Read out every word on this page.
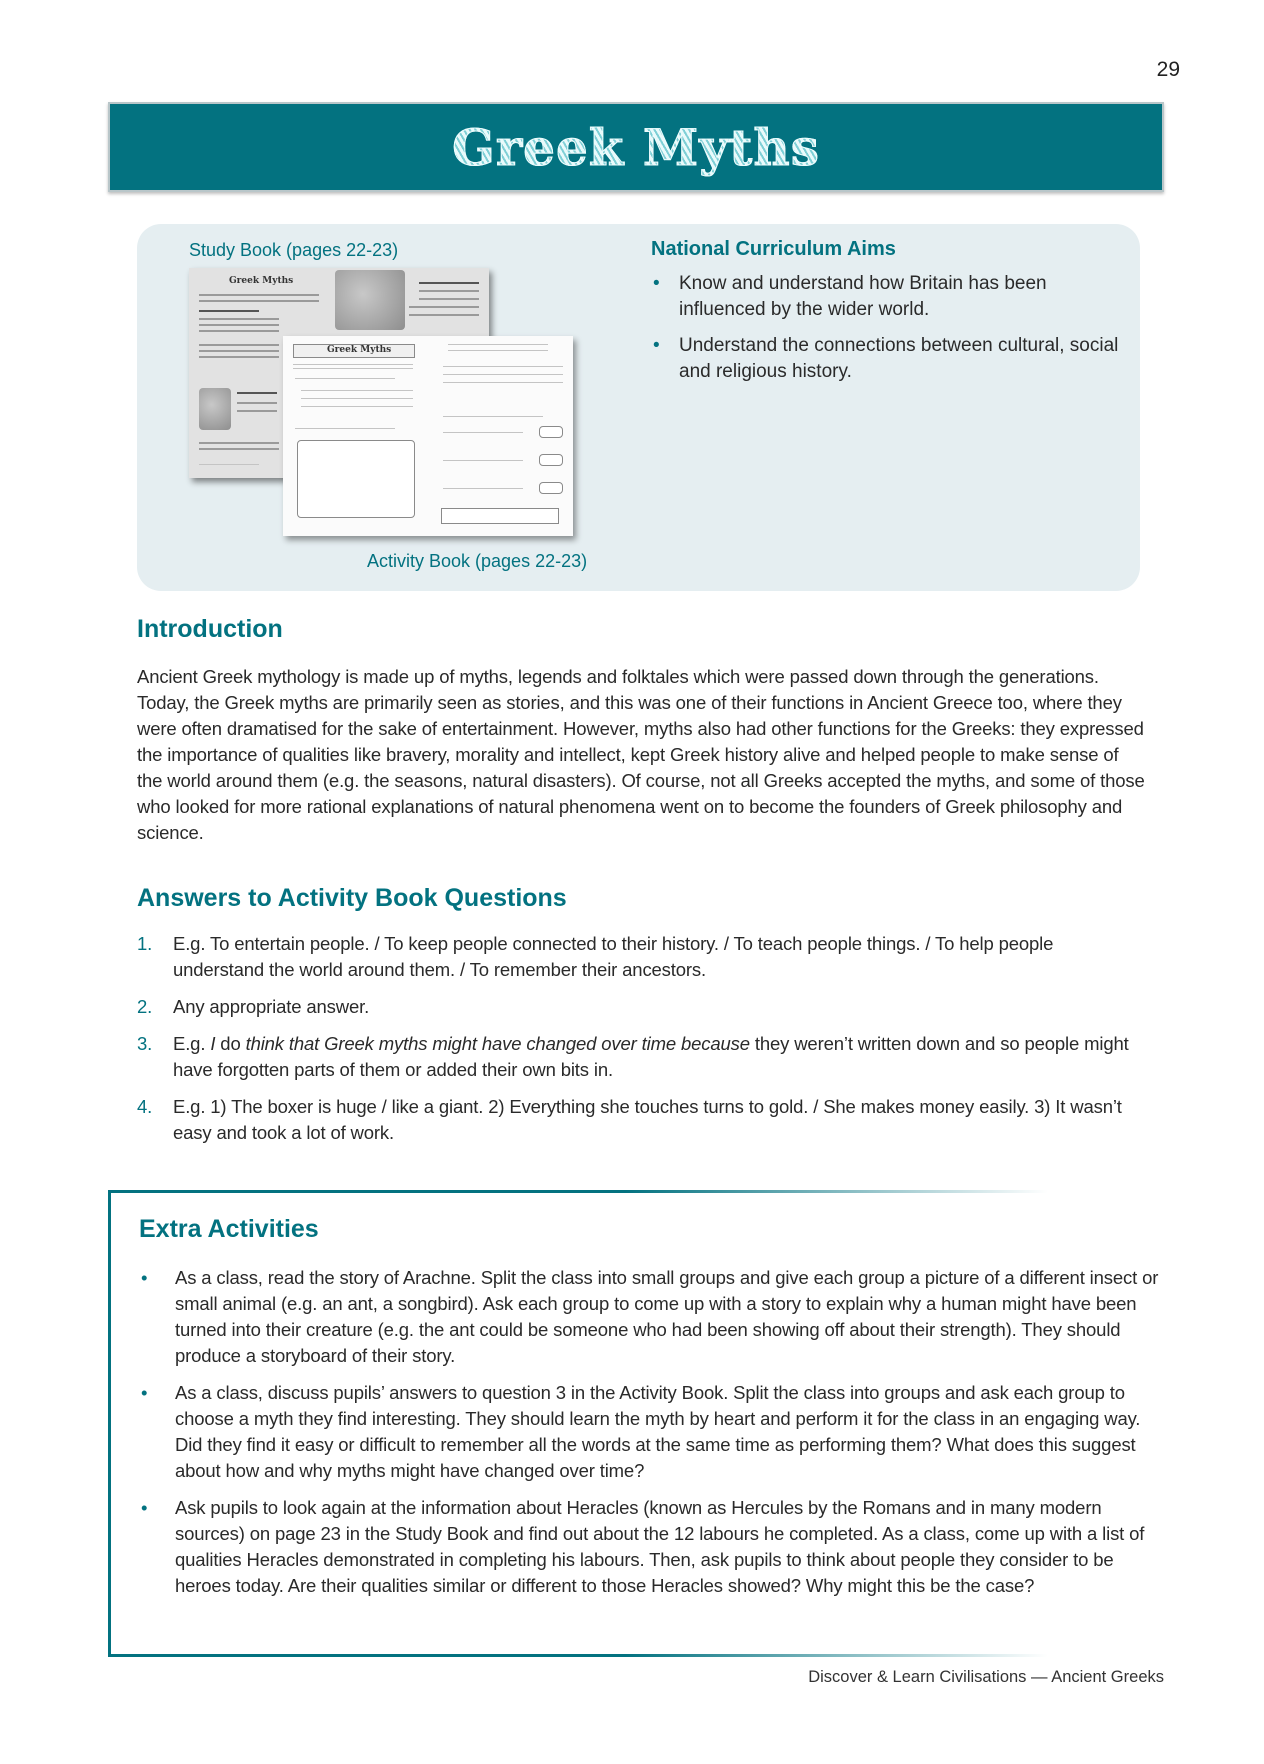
29
Greek Myths
Study Book (pages 22-23)
Greek Myths
Greek Myths
Activity Book (pages 22-23)
National Curriculum Aims
• Know and understand how Britain has been influenced by the wider world.
• Understand the connections between cultural, social and religious history.
Introduction
Ancient Greek mythology is made up of myths, legends and folktales which were passed down through the generations. Today, the Greek myths are primarily seen as stories, and this was one of their functions in Ancient Greece too, where they were often dramatised for the sake of entertainment. However, myths also had other functions for the Greeks: they expressed the importance of qualities like bravery, morality and intellect, kept Greek history alive and helped people to make sense of the world around them (e.g. the seasons, natural disasters). Of course, not all Greeks accepted the myths, and some of those who looked for more rational explanations of natural phenomena went on to become the founders of Greek philosophy and science.
Answers to Activity Book Questions
1. E.g. To entertain people. / To keep people connected to their history. / To teach people things. / To help people understand the world around them. / To remember their ancestors.
2. Any appropriate answer.
3. E.g. I do think that Greek myths might have changed over time because they weren’t written down and so people might have forgotten parts of them or added their own bits in.
4. E.g. 1) The boxer is huge / like a giant. 2) Everything she touches turns to gold. / She makes money easily. 3) It wasn’t easy and took a lot of work.
Extra Activities
• As a class, read the story of Arachne. Split the class into small groups and give each group a picture of a different insect or small animal (e.g. an ant, a songbird). Ask each group to come up with a story to explain why a human might have been turned into their creature (e.g. the ant could be someone who had been showing off about their strength). They should produce a storyboard of their story.
• As a class, discuss pupils’ answers to question 3 in the Activity Book. Split the class into groups and ask each group to choose a myth they find interesting. They should learn the myth by heart and perform it for the class in an engaging way. Did they find it easy or difficult to remember all the words at the same time as performing them? What does this suggest about how and why myths might have changed over time?
• Ask pupils to look again at the information about Heracles (known as Hercules by the Romans and in many modern sources) on page 23 in the Study Book and find out about the 12 labours he completed. As a class, come up with a list of qualities Heracles demonstrated in completing his labours. Then, ask pupils to think about people they consider to be heroes today. Are their qualities similar or different to those Heracles showed? Why might this be the case?
Discover & Learn Civilisations — Ancient Greeks
